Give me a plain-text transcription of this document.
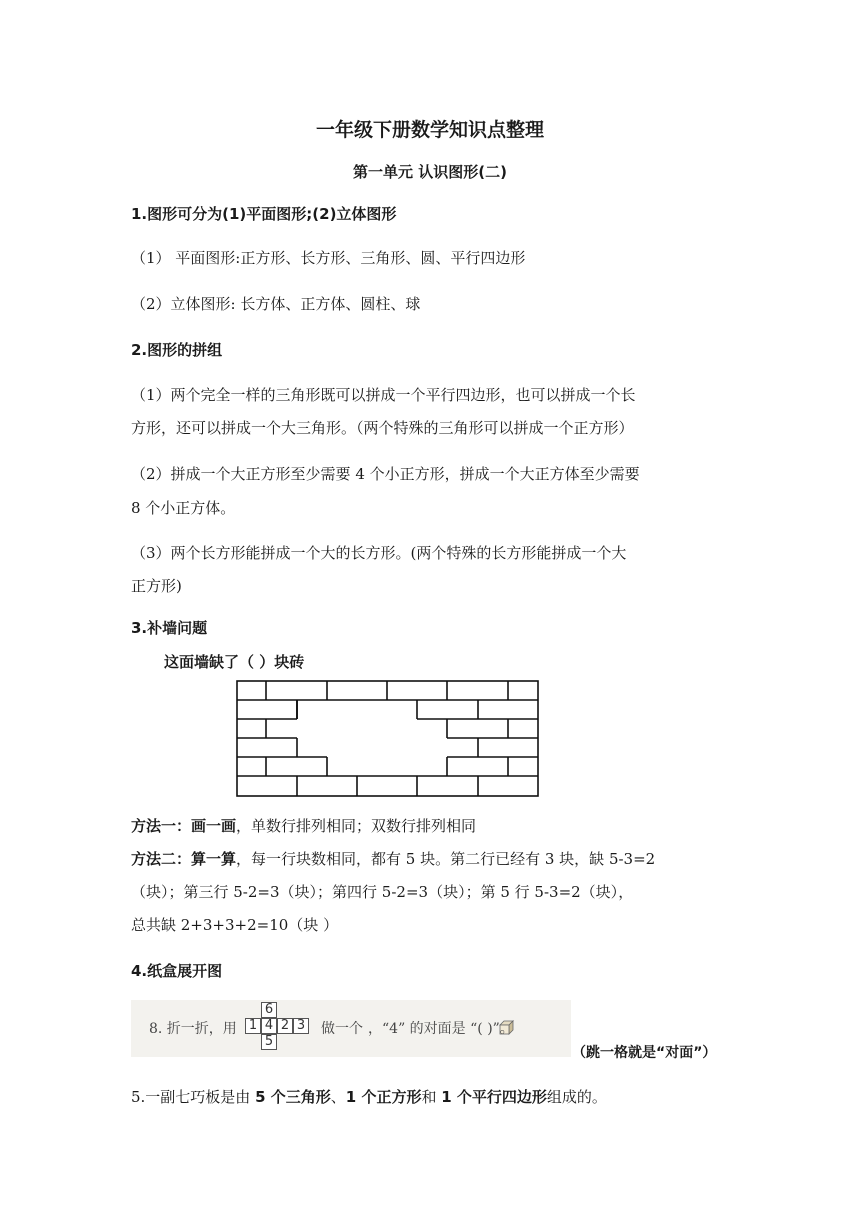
一年级下册数学知识点整理
第一单元 认识图形(二)
1.图形可分为(1)平面图形;(2)立体图形
（1） 平面图形:正方形、长方形、三角形、圆、平行四边形
（2）立体图形: 长方体、正方体、圆柱、球
2.图形的拼组
（1）两个完全一样的三角形既可以拼成一个平行四边形，也可以拼成一个长
方形，还可以拼成一个大三角形。（两个特殊的三角形可以拼成一个正方形）
（2）拼成一个大正方形至少需要 4 个小正方形，拼成一个大正方体至少需要
8 个小正方体。
（3）两个长方形能拼成一个大的长方形。(两个特殊的长方形能拼成一个大
正方形)
3.补墙问题
这面墙缺了（ ）块砖
方法一：画一画，单数行排列相同；双数行排列相同
方法二：算一算，每一行块数相同，都有 5 块。第二行已经有 3 块，缺 5-3=2
（块）；第三行 5-2=3（块）；第四行 5-2=3（块）；第 5 行 5-3=2（块），
总共缺 2+3+3+2=10（块 ）
4.纸盒展开图
8. 折一折，用
6
1 4 2 3
5
做一个 ，“4” 的对面是 “( )”。
（跳一格就是“对面”）
5.一副七巧板是由 5 个三角形、1 个正方形和 1 个平行四边形组成的。
